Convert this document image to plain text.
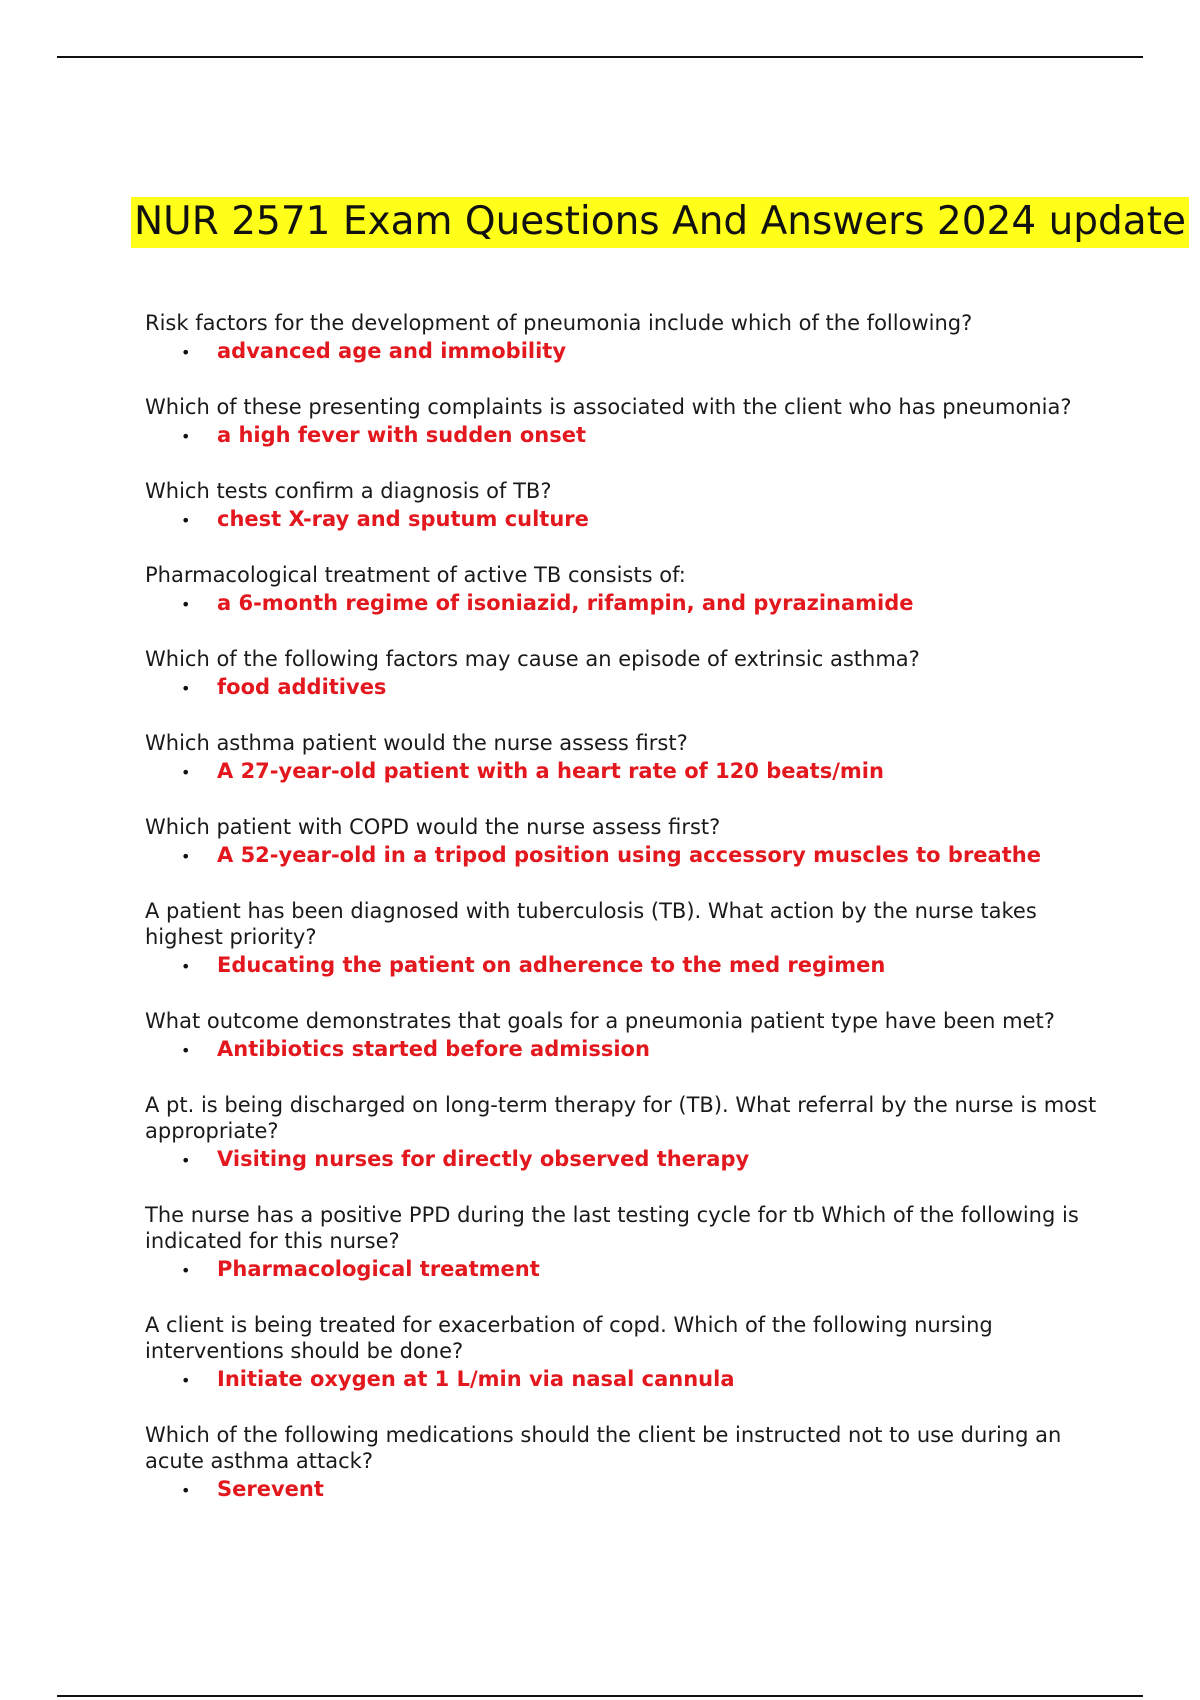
NUR 2571 Exam Questions And Answers 2024 update
Risk factors for the development of pneumonia include which of the following?
•	advanced age and immobility
Which of these presenting complaints is associated with the client who has pneumonia?
•	a high fever with sudden onset
Which tests confirm a diagnosis of TB?
•	chest X-ray and sputum culture
Pharmacological treatment of active TB consists of:
•	a 6-month regime of isoniazid, rifampin, and pyrazinamide
Which of the following factors may cause an episode of extrinsic asthma?
•	food additives
Which asthma patient would the nurse assess first?
•	A 27-year-old patient with a heart rate of 120 beats/min
Which patient with COPD would the nurse assess first?
•	A 52-year-old in a tripod position using accessory muscles to breathe
A patient has been diagnosed with tuberculosis (TB). What action by the nurse takes highest priority?
•	Educating the patient on adherence to the med regimen
What outcome demonstrates that goals for a pneumonia patient type have been met?
•	Antibiotics started before admission
A pt. is being discharged on long-term therapy for (TB). What referral by the nurse is most appropriate?
•	Visiting nurses for directly observed therapy
The nurse has a positive PPD during the last testing cycle for tb Which of the following is indicated for this nurse?
•	Pharmacological treatment
A client is being treated for exacerbation of copd. Which of the following nursing interventions should be done?
•	Initiate oxygen at 1 L/min via nasal cannula
Which of the following medications should the client be instructed not to use during an acute asthma attack?
•	Serevent
